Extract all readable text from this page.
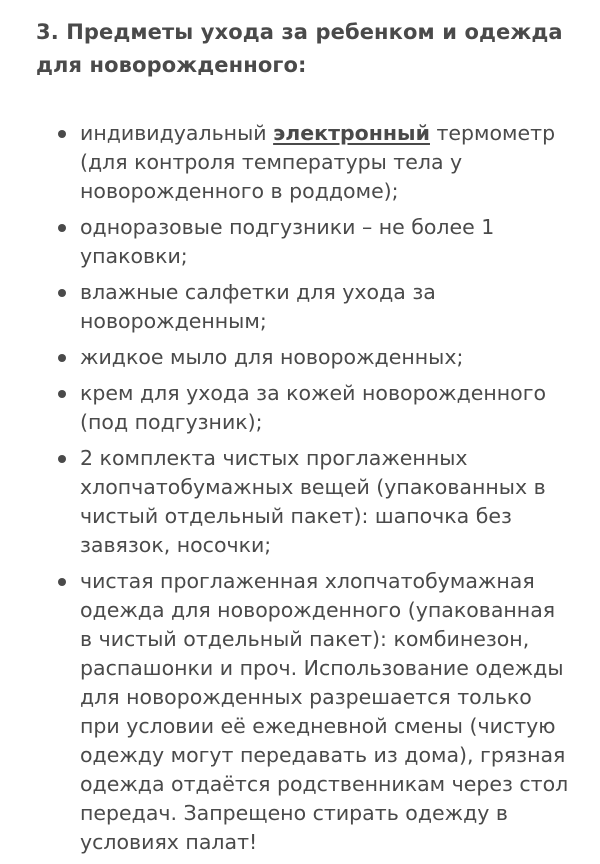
3. Предметы ухода за ребенком и одежда для новорожденного:
индивидуальный электронный термометр (для контроля температуры тела у новорожденного в роддоме);
одноразовые подгузники – не более 1 упаковки;
влажные салфетки для ухода за новорожденным;
жидкое мыло для новорожденных;
крем для ухода за кожей новорожденного (под подгузник);
2 комплекта чистых проглаженных хлопчатобумажных вещей (упакованных в чистый отдельный пакет): шапочка без завязок, носочки;
чистая проглаженная хлопчатобумажная одежда для новорожденного (упакованная в чистый отдельный пакет): комбинезон, распашонки и проч. Использование одежды для новорожденных разрешается только при условии её ежедневной смены (чистую одежду могут передавать из дома), грязная одежда отдаётся родственникам через стол передач. Запрещено стирать одежду в условиях палат!
